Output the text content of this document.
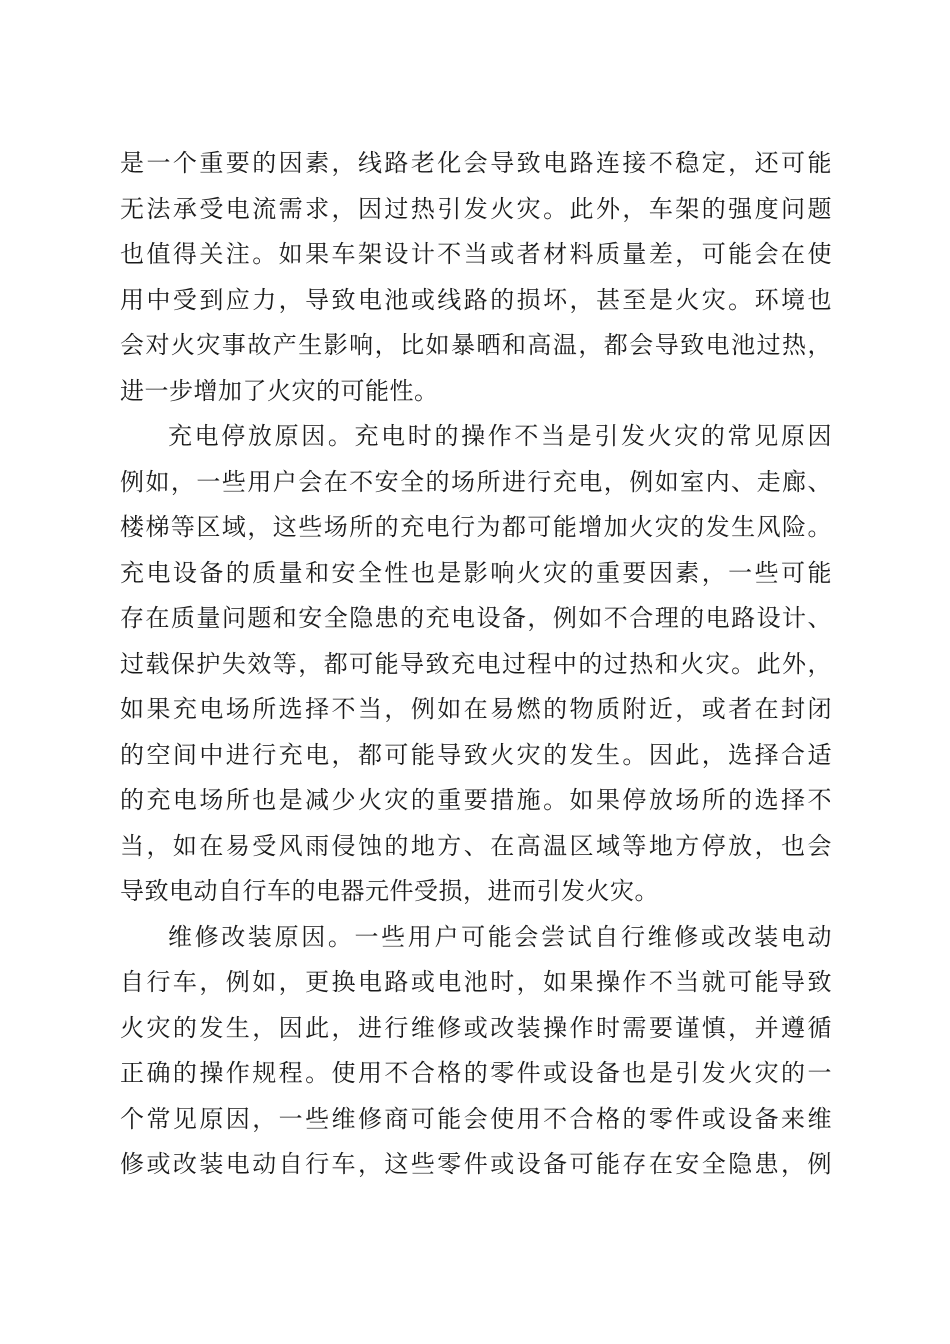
是一个重要的因素，线路老化会导致电路连接不稳定，还可能
无法承受电流需求，因过热引发火灾。此外，车架的强度问题
也值得关注。如果车架设计不当或者材料质量差，可能会在使
用中受到应力，导致电池或线路的损坏，甚至是火灾。环境也
会对火灾事故产生影响，比如暴晒和高温，都会导致电池过热，
进一步增加了火灾的可能性。
充电停放原因。充电时的操作不当是引发火灾的常见原因
例如，一些用户会在不安全的场所进行充电，例如室内、走廊、
楼梯等区域，这些场所的充电行为都可能增加火灾的发生风险。
充电设备的质量和安全性也是影响火灾的重要因素，一些可能
存在质量问题和安全隐患的充电设备，例如不合理的电路设计、
过载保护失效等，都可能导致充电过程中的过热和火灾。此外，
如果充电场所选择不当，例如在易燃的物质附近，或者在封闭
的空间中进行充电，都可能导致火灾的发生。因此，选择合适
的充电场所也是减少火灾的重要措施。如果停放场所的选择不
当，如在易受风雨侵蚀的地方、在高温区域等地方停放，也会
导致电动自行车的电器元件受损，进而引发火灾。
维修改装原因。一些用户可能会尝试自行维修或改装电动
自行车，例如，更换电路或电池时，如果操作不当就可能导致
火灾的发生，因此，进行维修或改装操作时需要谨慎，并遵循
正确的操作规程。使用不合格的零件或设备也是引发火灾的一
个常见原因，一些维修商可能会使用不合格的零件或设备来维
修或改装电动自行车，这些零件或设备可能存在安全隐患，例
